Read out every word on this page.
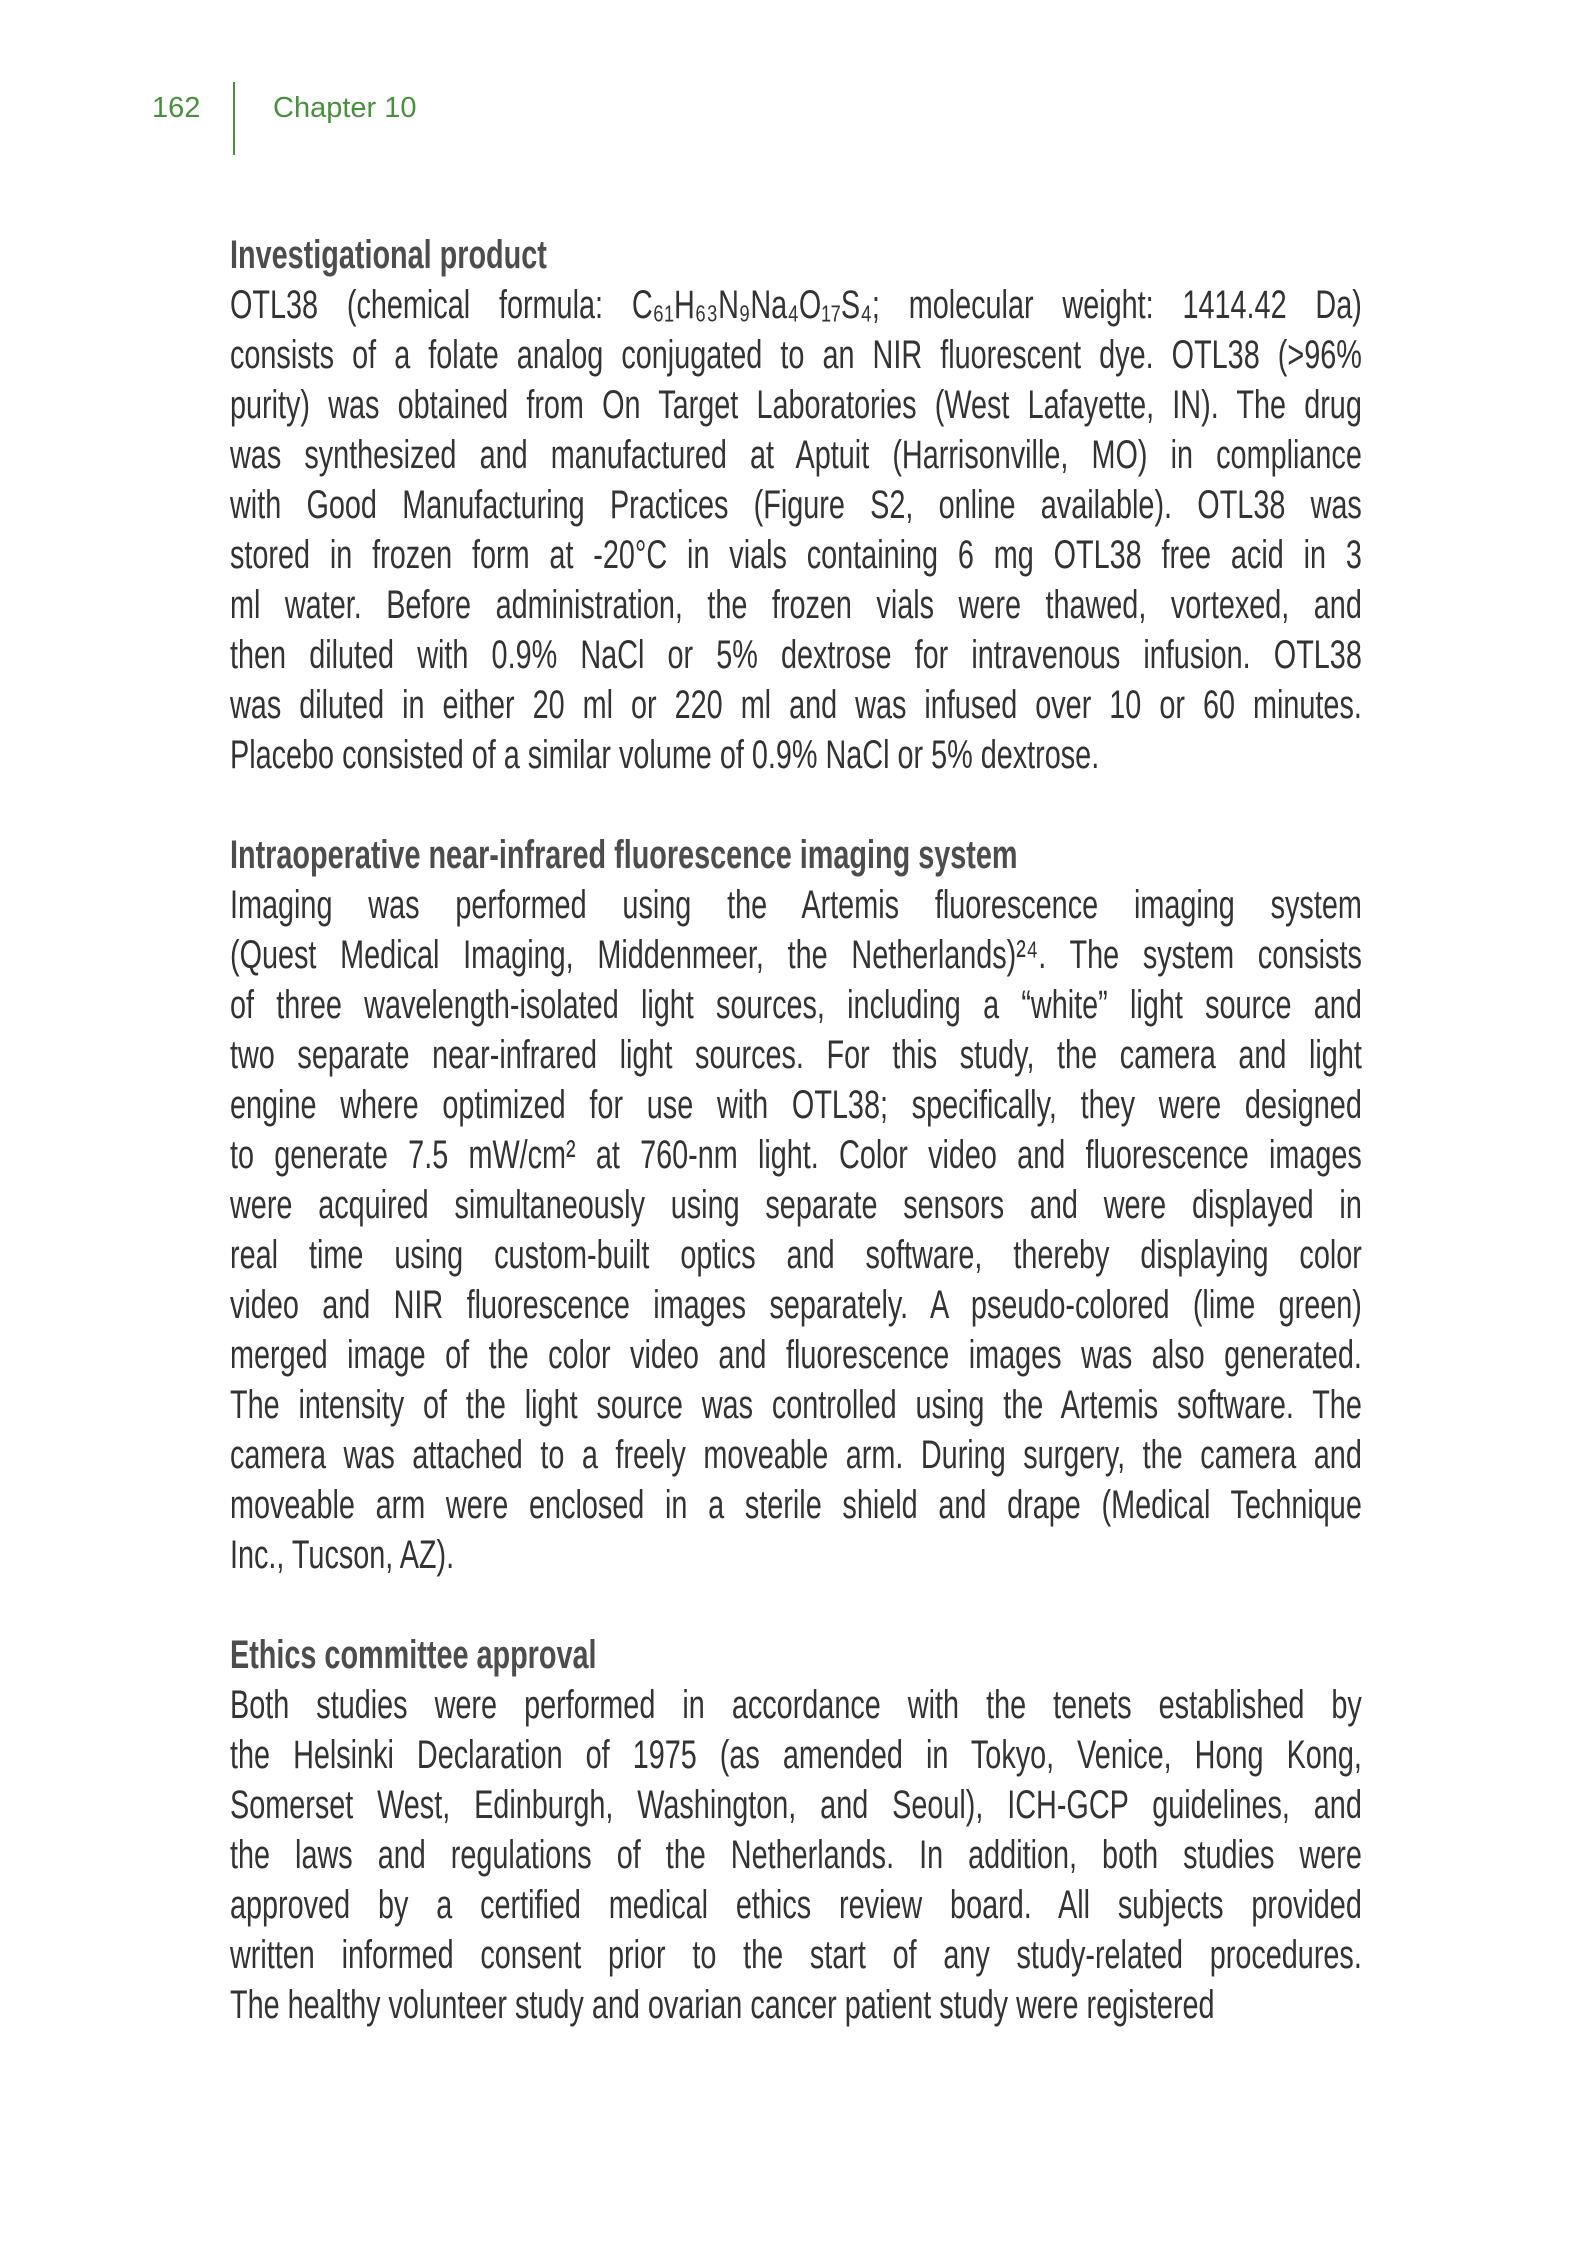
162	Chapter 10
Investigational product
OTL38 (chemical formula: C₆₁H₆₃N₉Na₄O₁₇S₄; molecular weight: 1414.42 Da)
consists of a folate analog conjugated to an NIR fluorescent dye. OTL38 (>96%
purity) was obtained from On Target Laboratories (West Lafayette, IN). The drug
was synthesized and manufactured at Aptuit (Harrisonville, MO) in compliance
with Good Manufacturing Practices (Figure S2, online available). OTL38 was
stored in frozen form at -20°C in vials containing 6 mg OTL38 free acid in 3
ml water. Before administration, the frozen vials were thawed, vortexed, and
then diluted with 0.9% NaCl or 5% dextrose for intravenous infusion. OTL38
was diluted in either 20 ml or 220 ml and was infused over 10 or 60 minutes.
Placebo consisted of a similar volume of 0.9% NaCl or 5% dextrose.
Intraoperative near-infrared fluorescence imaging system
Imaging was performed using the Artemis fluorescence imaging system
(Quest Medical Imaging, Middenmeer, the Netherlands)²⁴. The system consists
of three wavelength-isolated light sources, including a “white” light source and
two separate near-infrared light sources. For this study, the camera and light
engine where optimized for use with OTL38; specifically, they were designed
to generate 7.5 mW/cm² at 760-nm light. Color video and fluorescence images
were acquired simultaneously using separate sensors and were displayed in
real time using custom-built optics and software, thereby displaying color
video and NIR fluorescence images separately. A pseudo-colored (lime green)
merged image of the color video and fluorescence images was also generated.
The intensity of the light source was controlled using the Artemis software. The
camera was attached to a freely moveable arm. During surgery, the camera and
moveable arm were enclosed in a sterile shield and drape (Medical Technique
Inc., Tucson, AZ).
Ethics committee approval
Both studies were performed in accordance with the tenets established by
the Helsinki Declaration of 1975 (as amended in Tokyo, Venice, Hong Kong,
Somerset West, Edinburgh, Washington, and Seoul), ICH-GCP guidelines, and
the laws and regulations of the Netherlands. In addition, both studies were
approved by a certified medical ethics review board. All subjects provided
written informed consent prior to the start of any study-related procedures.
The healthy volunteer study and ovarian cancer patient study were registered
